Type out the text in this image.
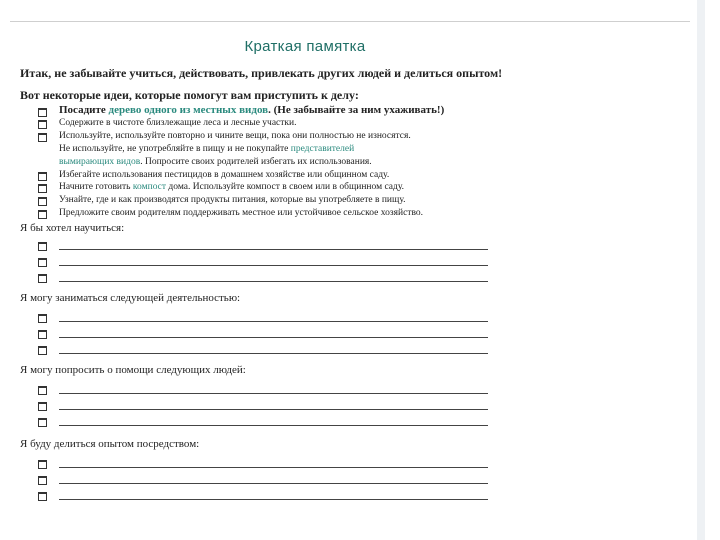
Краткая памятка
Итак, не забывайте учиться, действовать, привлекать других людей и делиться опытом!
Вот некоторые идеи, которые помогут вам приступить к делу:
Посадите дерево одного из местных видов. (Не забывайте за ним ухаживать!)
Содержите в чистоте близлежащие леса и лесные участки.
Используйте, используйте повторно и чините вещи, пока они полностью не износятся.
Не используйте, не употребляйте в пищу и не покупайте представителей
вымирающих видов. Попросите своих родителей избегать их использования.
Избегайте использования пестицидов в домашнем хозяйстве или общинном саду.
Начните готовить компост дома. Используйте компост в своем или в общинном саду.
Узнайте, где и как производятся продукты питания, которые вы употребляете в пищу.
Предложите своим родителям поддерживать местное или устойчивое сельское хозяйство.
Я бы хотел научиться:
Я могу заниматься следующей деятельностью:
Я могу попросить о помощи следующих людей:
Я буду делиться опытом посредством:
